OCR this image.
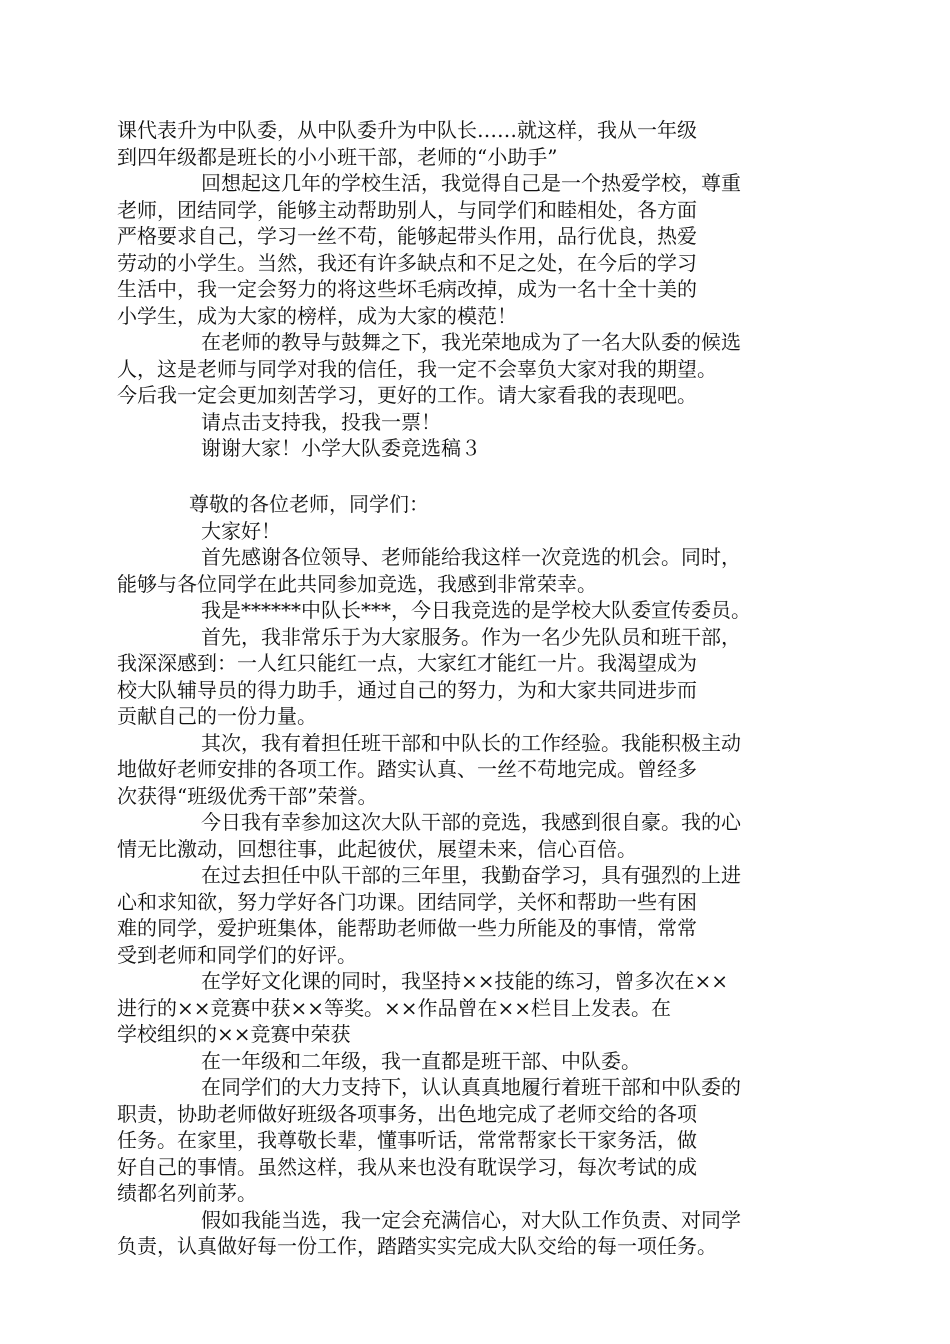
课代表升为中队委，从中队委升为中队长……就这样，我从一年级
到四年级都是班长的小小班干部，老师的“小助手”
回想起这几年的学校生活，我觉得自己是一个热爱学校，尊重
老师，团结同学，能够主动帮助别人，与同学们和睦相处，各方面
严格要求自己，学习一丝不苟，能够起带头作用，品行优良，热爱
劳动的小学生。当然，我还有许多缺点和不足之处，在今后的学习
生活中，我一定会努力的将这些坏毛病改掉，成为一名十全十美的
小学生，成为大家的榜样，成为大家的模范！
在老师的教导与鼓舞之下，我光荣地成为了一名大队委的候选
人，这是老师与同学对我的信任，我一定不会辜负大家对我的期望。
今后我一定会更加刻苦学习，更好的工作。请大家看我的表现吧。
请点击支持我，投我一票！
谢谢大家！小学大队委竞选稿３
尊敬的各位老师，同学们：
大家好！
首先感谢各位领导、老师能给我这样一次竞选的机会。同时，
能够与各位同学在此共同参加竞选，我感到非常荣幸。
我是******中队长***，今日我竞选的是学校大队委宣传委员。
首先，我非常乐于为大家服务。作为一名少先队员和班干部，
我深深感到：一人红只能红一点，大家红才能红一片。我渴望成为
校大队辅导员的得力助手，通过自己的努力，为和大家共同进步而
贡献自己的一份力量。
其次，我有着担任班干部和中队长的工作经验。我能积极主动
地做好老师安排的各项工作。踏实认真、一丝不苟地完成。曾经多
次获得“班级优秀干部”荣誉。
今日我有幸参加这次大队干部的竞选，我感到很自豪。我的心
情无比激动，回想往事，此起彼伏，展望未来，信心百倍。
在过去担任中队干部的三年里，我勤奋学习，具有强烈的上进
心和求知欲，努力学好各门功课。团结同学，关怀和帮助一些有困
难的同学，爱护班集体，能帮助老师做一些力所能及的事情，常常
受到老师和同学们的好评。
在学好文化课的同时，我坚持××技能的练习，曾多次在××
进行的××竞赛中获××等奖。××作品曾在××栏目上发表。在
学校组织的××竞赛中荣获
在一年级和二年级，我一直都是班干部、中队委。
在同学们的大力支持下，认认真真地履行着班干部和中队委的
职责，协助老师做好班级各项事务，出色地完成了老师交给的各项
任务。在家里，我尊敬长辈，懂事听话，常常帮家长干家务活，做
好自己的事情。虽然这样，我从来也没有耽误学习，每次考试的成
绩都名列前茅。
假如我能当选，我一定会充满信心，对大队工作负责、对同学
负责，认真做好每一份工作，踏踏实实完成大队交给的每一项任务。
